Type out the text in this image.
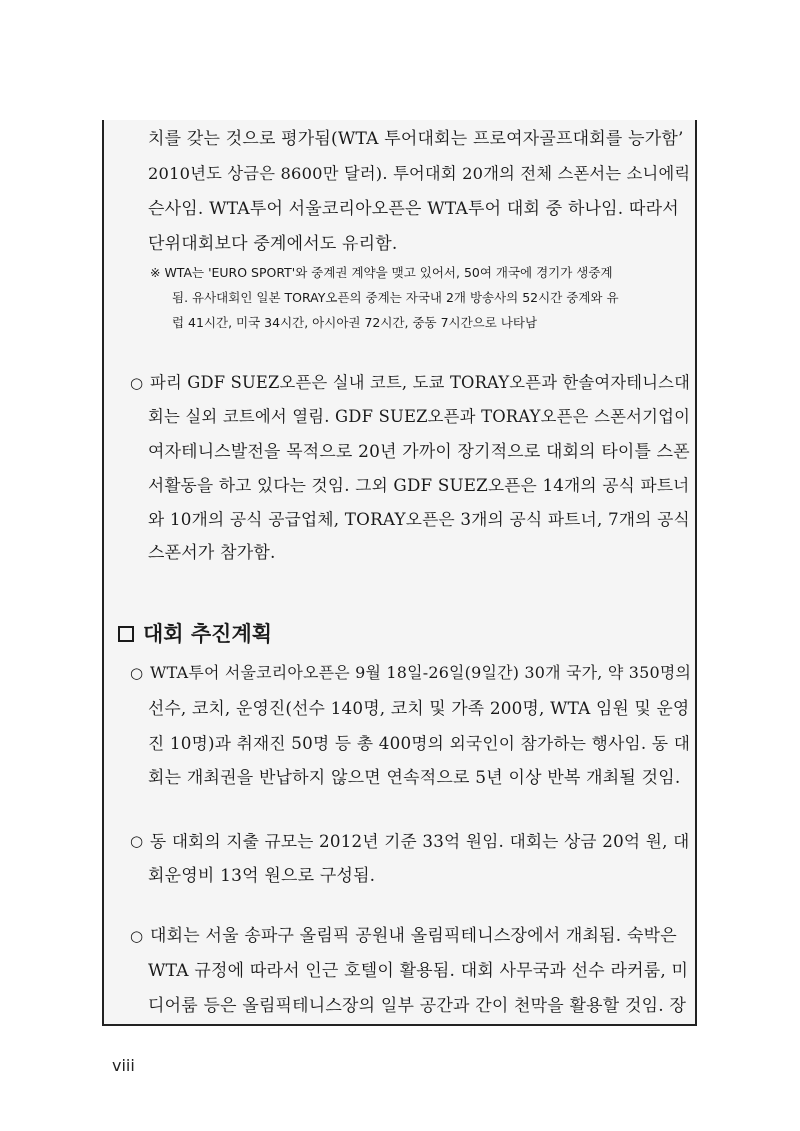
치를 갖는 것으로 평가됨(WTA 투어대회는 프로여자골프대회를 능가함’
2010년도 상금은 8600만 달러). 투어대회 20개의 전체 스폰서는 소니에릭
슨사임. WTA투어 서울코리아오픈은 WTA투어 대회 중 하나임. 따라서
단위대회보다 중계에서도 유리함.
※ WTA는 'EURO SPORT'와 중계권 계약을 맺고 있어서, 50여 개국에 경기가 생중계
됨. 유사대회인 일본 TORAY오픈의 중계는 자국내 2개 방송사의 52시간 중계와 유
럽 41시간, 미국 34시간, 아시아권 72시간, 중동 7시간으로 나타남
○ 파리 GDF SUEZ오픈은 실내 코트, 도쿄 TORAY오픈과 한솔여자테니스대
회는 실외 코트에서 열림. GDF SUEZ오픈과 TORAY오픈은 스폰서기업이
여자테니스발전을 목적으로 20년 가까이 장기적으로 대회의 타이틀 스폰
서활동을 하고 있다는 것임. 그외 GDF SUEZ오픈은 14개의 공식 파트너
와 10개의 공식 공급업체, TORAY오픈은 3개의 공식 파트너, 7개의 공식
스폰서가 참가함.
대회 추진계획
○ WTA투어 서울코리아오픈은 9월 18일-26일(9일간) 30개 국가, 약 350명의
선수, 코치, 운영진(선수 140명, 코치 및 가족 200명, WTA 임원 및 운영
진 10명)과 취재진 50명 등 총 400명의 외국인이 참가하는 행사임. 동 대
회는 개최권을 반납하지 않으면 연속적으로 5년 이상 반복 개최될 것임.
○ 동 대회의 지출 규모는 2012년 기준 33억 원임. 대회는 상금 20억 원, 대
회운영비 13억 원으로 구성됨.
○ 대회는 서울 송파구 올림픽 공원내 올림픽테니스장에서 개최됨. 숙박은
WTA 규정에 따라서 인근 호텔이 활용됨. 대회 사무국과 선수 라커룸, 미
디어룸 등은 올림픽테니스장의 일부 공간과 간이 천막을 활용할 것임. 장
viii
